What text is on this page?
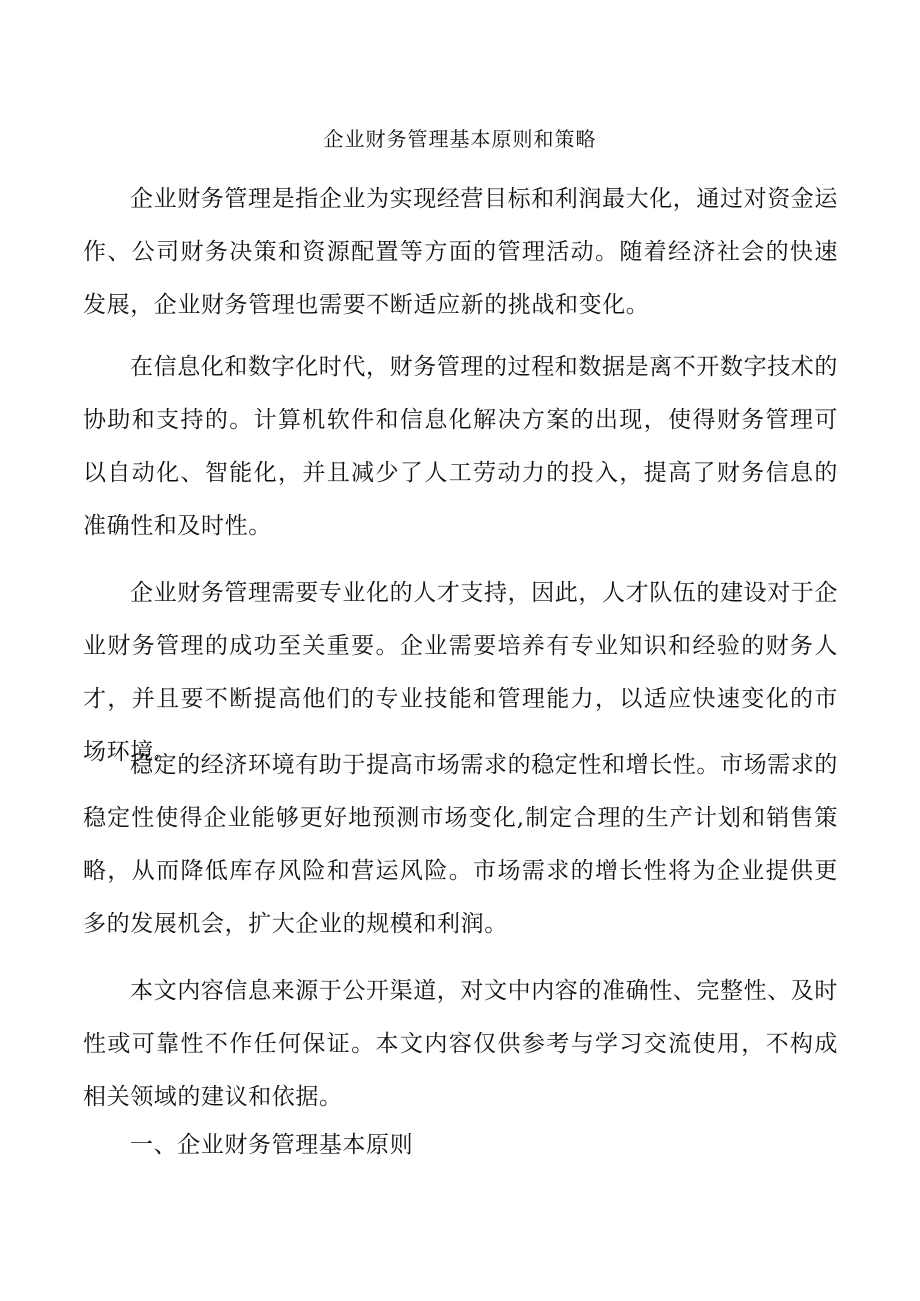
企业财务管理基本原则和策略

企业财务管理是指企业为实现经营目标和利润最大化，通过对资金运作、公司财务决策和资源配置等方面的管理活动。随着经济社会的快速发展，企业财务管理也需要不断适应新的挑战和变化。

在信息化和数字化时代，财务管理的过程和数据是离不开数字技术的协助和支持的。计算机软件和信息化解决方案的出现，使得财务管理可以自动化、智能化，并且减少了人工劳动力的投入，提高了财务信息的准确性和及时性。

企业财务管理需要专业化的人才支持，因此，人才队伍的建设对于企业财务管理的成功至关重要。企业需要培养有专业知识和经验的财务人才，并且要不断提高他们的专业技能和管理能力，以适应快速变化的市场环境。

稳定的经济环境有助于提高市场需求的稳定性和增长性。市场需求的稳定性使得企业能够更好地预测市场变化,制定合理的生产计划和销售策略，从而降低库存风险和营运风险。市场需求的增长性将为企业提供更多的发展机会，扩大企业的规模和利润。

本文内容信息来源于公开渠道，对文中内容的准确性、完整性、及时性或可靠性不作任何保证。本文内容仅供参考与学习交流使用，不构成相关领域的建议和依据。

一、企业财务管理基本原则
